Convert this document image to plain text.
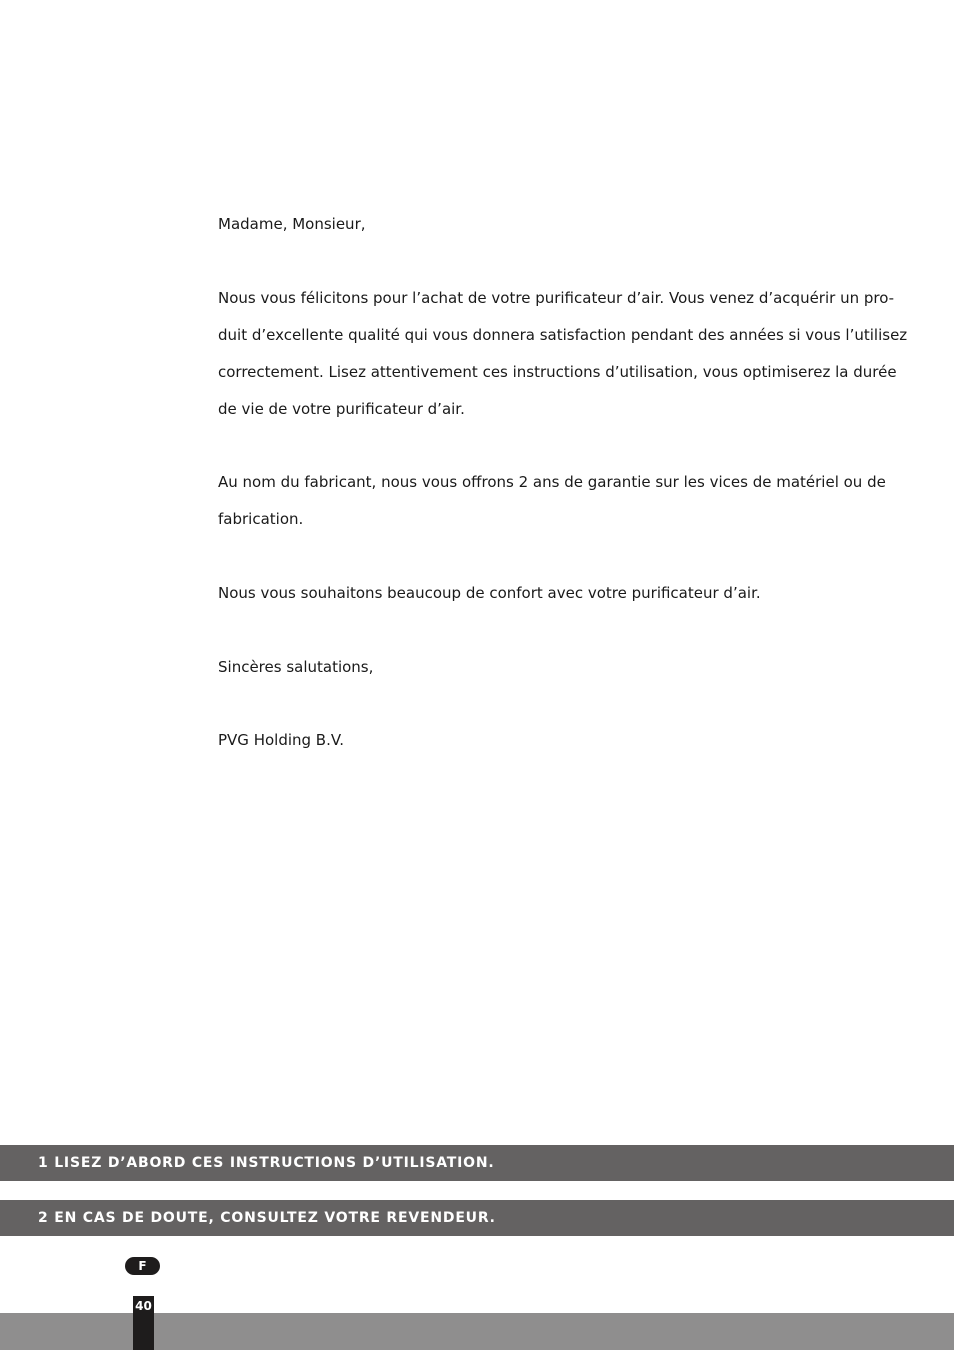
Madame, Monsieur,
Nous vous félicitons pour l’achat de votre purificateur d’air. Vous venez d’acquérir un pro-
duit d’excellente qualité qui vous donnera satisfaction pendant des années si vous l’utilisez
correctement. Lisez attentivement ces instructions d’utilisation, vous optimiserez la durée
de vie de votre purificateur d’air.
Au nom du fabricant, nous vous offrons 2 ans de garantie sur les vices de matériel ou de
fabrication.
Nous vous souhaitons beaucoup de confort avec votre purificateur d’air.
Sincères salutations,
PVG Holding B.V.
1 LISEZ D’ABORD CES INSTRUCTIONS D’UTILISATION.
2 EN CAS DE DOUTE, CONSULTEZ VOTRE REVENDEUR.
F
40
